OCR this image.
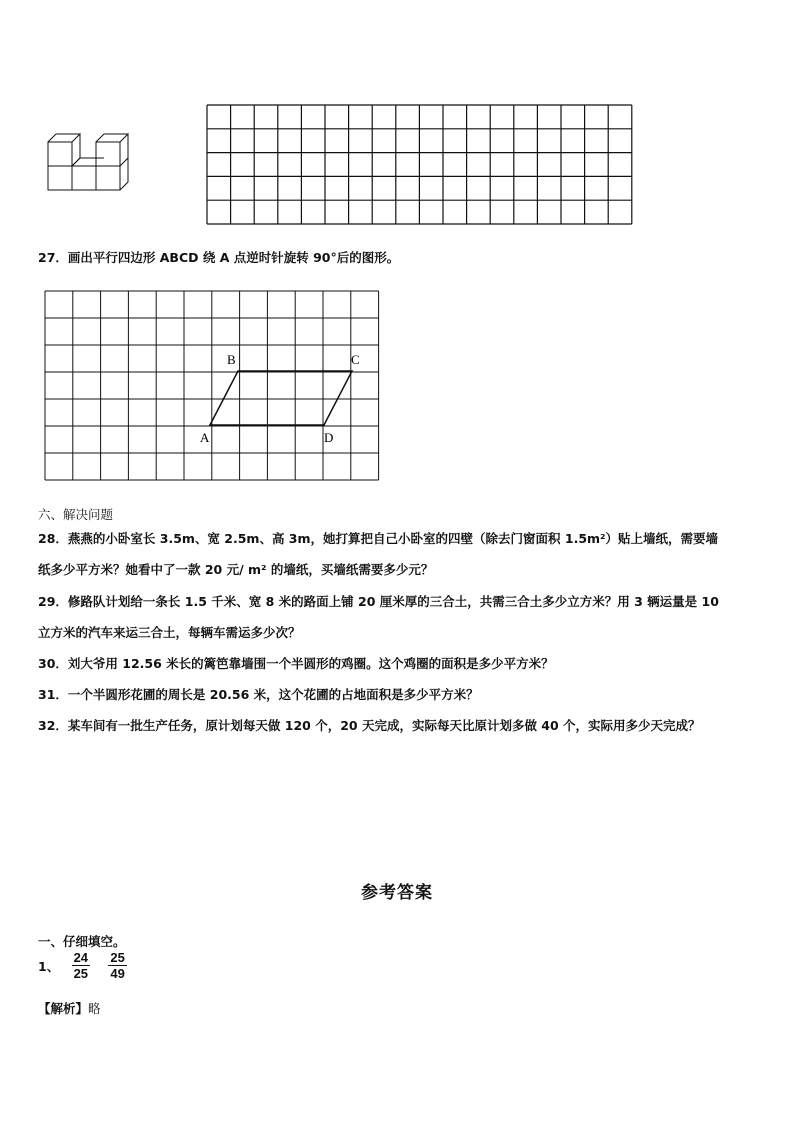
27．画出平行四边形 ABCD 绕 A 点逆时针旋转 90°后的图形。
A
B	C
D
六、解决问题
28．燕燕的小卧室长 3.5m、宽 2.5m、高 3m，她打算把自己小卧室的四壁（除去门窗面积 1.5m²）贴上墙纸，需要墙
纸多少平方米？她看中了一款 20 元/ m² 的墙纸，买墙纸需要多少元？
29．修路队计划给一条长 1.5 千米、宽 8 米的路面上铺 20 厘米厚的三合土，共需三合土多少立方米？用 3 辆运量是 10
立方米的汽车来运三合土，每辆车需运多少次？
30．刘大爷用 12.56 米长的篱笆靠墙围一个半圆形的鸡圈。这个鸡圈的面积是多少平方米？
31．一个半圆形花圃的周长是 20.56 米，这个花圃的占地面积是多少平方米？
32．某车间有一批生产任务，原计划每天做 120 个，20 天完成，实际每天比原计划多做 40 个，实际用多少天完成？
参考答案
一、仔细填空。
1、 $\frac{24}{25}$
$\frac{25}{49}$
【解析】略
